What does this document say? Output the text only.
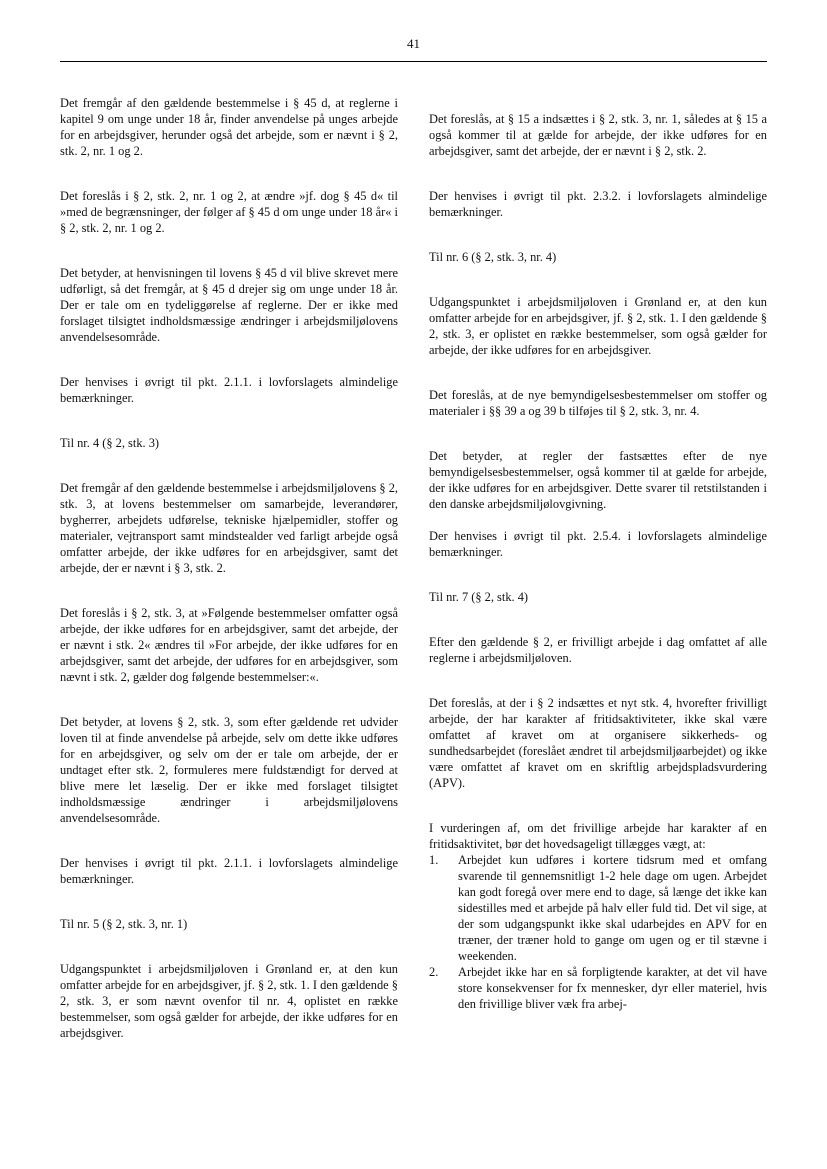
41

Det fremgår af den gældende bestemmelse i § 45 d, at reglerne i kapitel 9 om unge under 18 år, finder anvendelse på unges arbejde for en arbejdsgiver, herunder også det arbejde, som er nævnt i § 2, stk. 2, nr. 1 og 2.

Det foreslås i § 2, stk. 2, nr. 1 og 2, at ændre »jf. dog § 45 d« til »med de begrænsninger, der følger af § 45 d om unge under 18 år« i § 2, stk. 2, nr. 1 og 2.

Det betyder, at henvisningen til lovens § 45 d vil blive skrevet mere udførligt, så det fremgår, at § 45 d drejer sig om unge under 18 år. Der er tale om en tydeliggørelse af reglerne. Der er ikke med forslaget tilsigtet indholdsmæssige ændringer i arbejdsmiljølovens anvendelsesområde.

Der henvises i øvrigt til pkt. 2.1.1. i lovforslagets almindelige bemærkninger.

Til nr. 4 (§ 2, stk. 3)

Det fremgår af den gældende bestemmelse i arbejdsmiljølovens § 2, stk. 3, at lovens bestemmelser om samarbejde, leverandører, bygherrer, arbejdets udførelse, tekniske hjælpemidler, stoffer og materialer, vejtransport samt mindstealder ved farligt arbejde også omfatter arbejde, der ikke udføres for en arbejdsgiver, samt det arbejde, der er nævnt i § 3, stk. 2.

Det foreslås i § 2, stk. 3, at »Følgende bestemmelser omfatter også arbejde, der ikke udføres for en arbejdsgiver, samt det arbejde, der er nævnt i stk. 2« ændres til »For arbejde, der ikke udføres for en arbejdsgiver, samt det arbejde, der udføres for en arbejdsgiver, som nævnt i stk. 2, gælder dog følgende bestemmelser:«.

Det betyder, at lovens § 2, stk. 3, som efter gældende ret udvider loven til at finde anvendelse på arbejde, selv om dette ikke udføres for en arbejdsgiver, og selv om der er tale om arbejde, der er undtaget efter stk. 2, formuleres mere fuldstændigt for derved at blive mere let læselig. Der er ikke med forslaget tilsigtet indholdsmæssige ændringer i arbejdsmiljølovens anvendelsesområde.

Der henvises i øvrigt til pkt. 2.1.1. i lovforslagets almindelige bemærkninger.

Til nr. 5 (§ 2, stk. 3, nr. 1)

Udgangspunktet i arbejdsmiljøloven i Grønland er, at den kun omfatter arbejde for en arbejdsgiver, jf. § 2, stk. 1. I den gældende § 2, stk. 3, er som nævnt ovenfor til nr. 4, oplistet en række bestemmelser, som også gælder for arbejde, der ikke udføres for en arbejdsgiver.

Det foreslås, at § 15 a indsættes i § 2, stk. 3, nr. 1, således at § 15 a også kommer til at gælde for arbejde, der ikke udføres for en arbejdsgiver, samt det arbejde, der er nævnt i § 2, stk. 2.

Der henvises i øvrigt til pkt. 2.3.2. i lovforslagets almindelige bemærkninger.

Til nr. 6 (§ 2, stk. 3, nr. 4)

Udgangspunktet i arbejdsmiljøloven i Grønland er, at den kun omfatter arbejde for en arbejdsgiver, jf. § 2, stk. 1. I den gældende § 2, stk. 3, er oplistet en række bestemmelser, som også gælder for arbejde, der ikke udføres for en arbejdsgiver.

Det foreslås, at de nye bemyndigelsesbestemmelser om stoffer og materialer i §§ 39 a og 39 b tilføjes til § 2, stk. 3, nr. 4.

Det betyder, at regler der fastsættes efter de nye bemyndigelsesbestemmelser, også kommer til at gælde for arbejde, der ikke udføres for en arbejdsgiver. Dette svarer til retstilstanden i den danske arbejdsmiljølovgivning.

Der henvises i øvrigt til pkt. 2.5.4. i lovforslagets almindelige bemærkninger.

Til nr. 7 (§ 2, stk. 4)

Efter den gældende § 2, er frivilligt arbejde i dag omfattet af alle reglerne i arbejdsmiljøloven.

Det foreslås, at der i § 2 indsættes et nyt stk. 4, hvorefter frivilligt arbejde, der har karakter af fritidsaktiviteter, ikke skal være omfattet af kravet om at organisere sikkerheds- og sundhedsarbejdet (foreslået ændret til arbejdsmiljøarbejdet) og ikke være omfattet af kravet om en skriftlig arbejdspladsvurdering (APV).

I vurderingen af, om det frivillige arbejde har karakter af en fritidsaktivitet, bør det hovedsageligt tillægges vægt, at:

1. Arbejdet kun udføres i kortere tidsrum med et omfang svarende til gennemsnitligt 1-2 hele dage om ugen. Arbejdet kan godt foregå over mere end to dage, så længe det ikke kan sidestilles med et arbejde på halv eller fuld tid. Det vil sige, at der som udgangspunkt ikke skal udarbejdes en APV for en træner, der træner hold to gange om ugen og er til stævne i weekenden.
2. Arbejdet ikke har en så forpligtende karakter, at det vil have store konsekvenser for fx mennesker, dyr eller materiel, hvis den frivillige bliver væk fra arbej-
